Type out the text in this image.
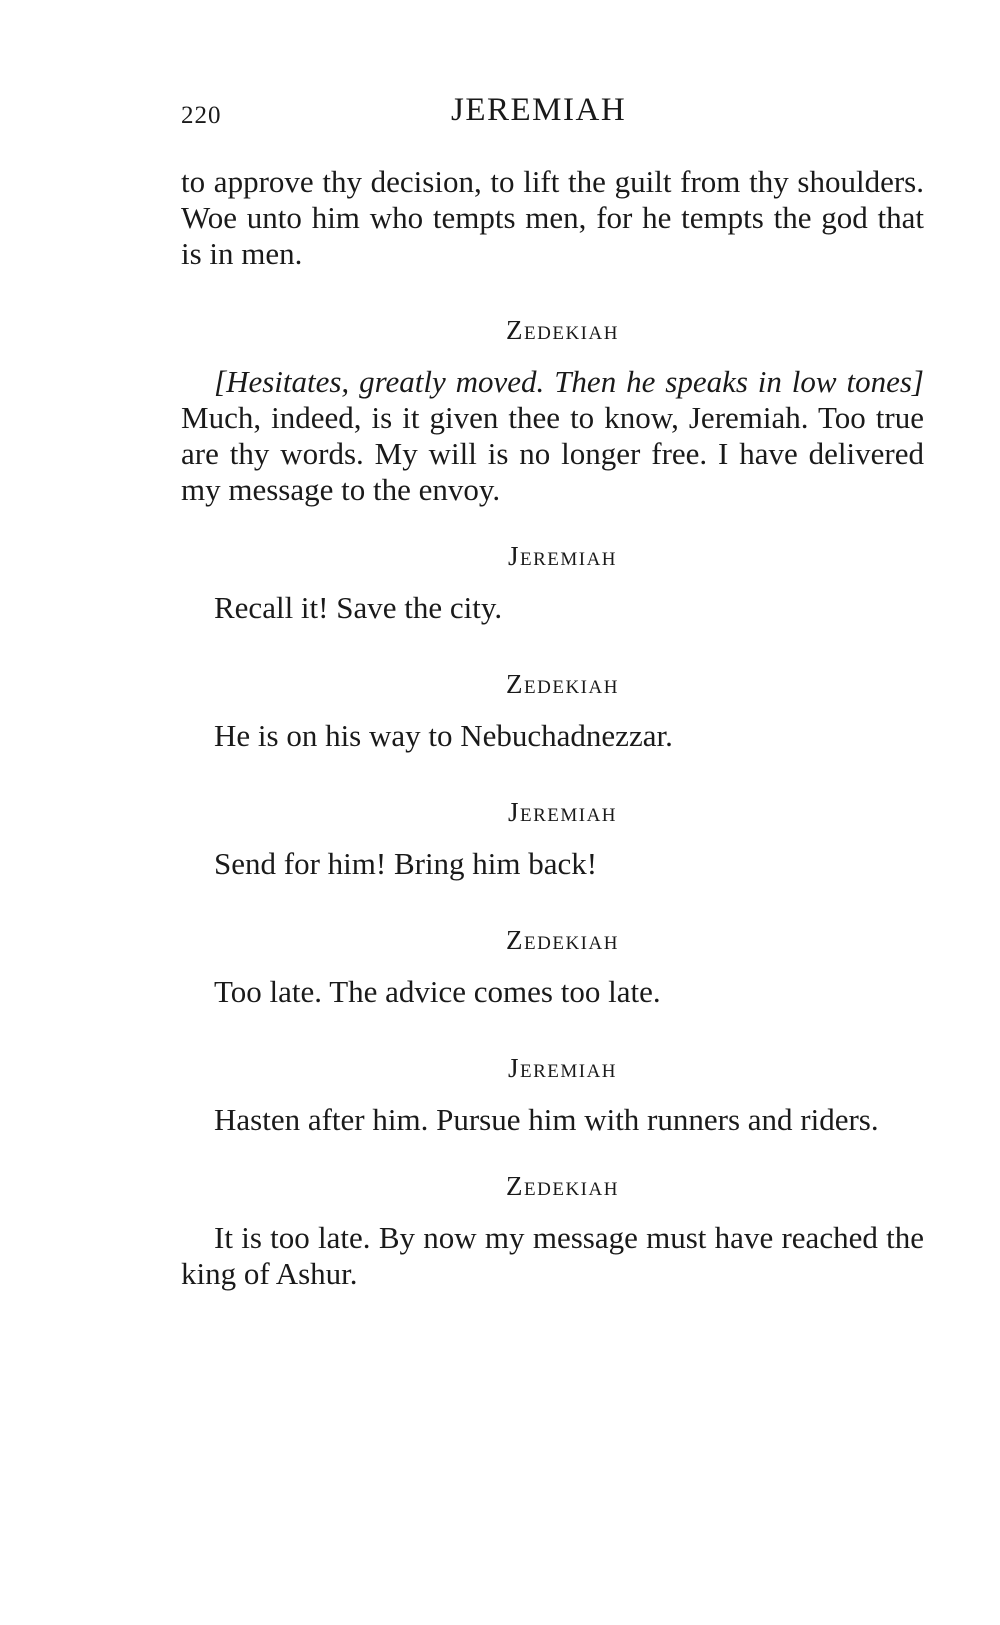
220	JEREMIAH

to approve thy decision, to lift the guilt from thy shoulders. Woe unto him who tempts men, for he tempts the god that is in men.

Zedekiah

[Hesitates, greatly moved. Then he speaks in low tones] Much, indeed, is it given thee to know, Jeremiah. Too true are thy words. My will is no longer free. I have delivered my message to the envoy.

Jeremiah

Recall it! Save the city.

Zedekiah

He is on his way to Nebuchadnezzar.

Jeremiah

Send for him! Bring him back!

Zedekiah

Too late. The advice comes too late.

Jeremiah

Hasten after him. Pursue him with runners and riders.

Zedekiah

It is too late. By now my message must have reached the king of Ashur.
